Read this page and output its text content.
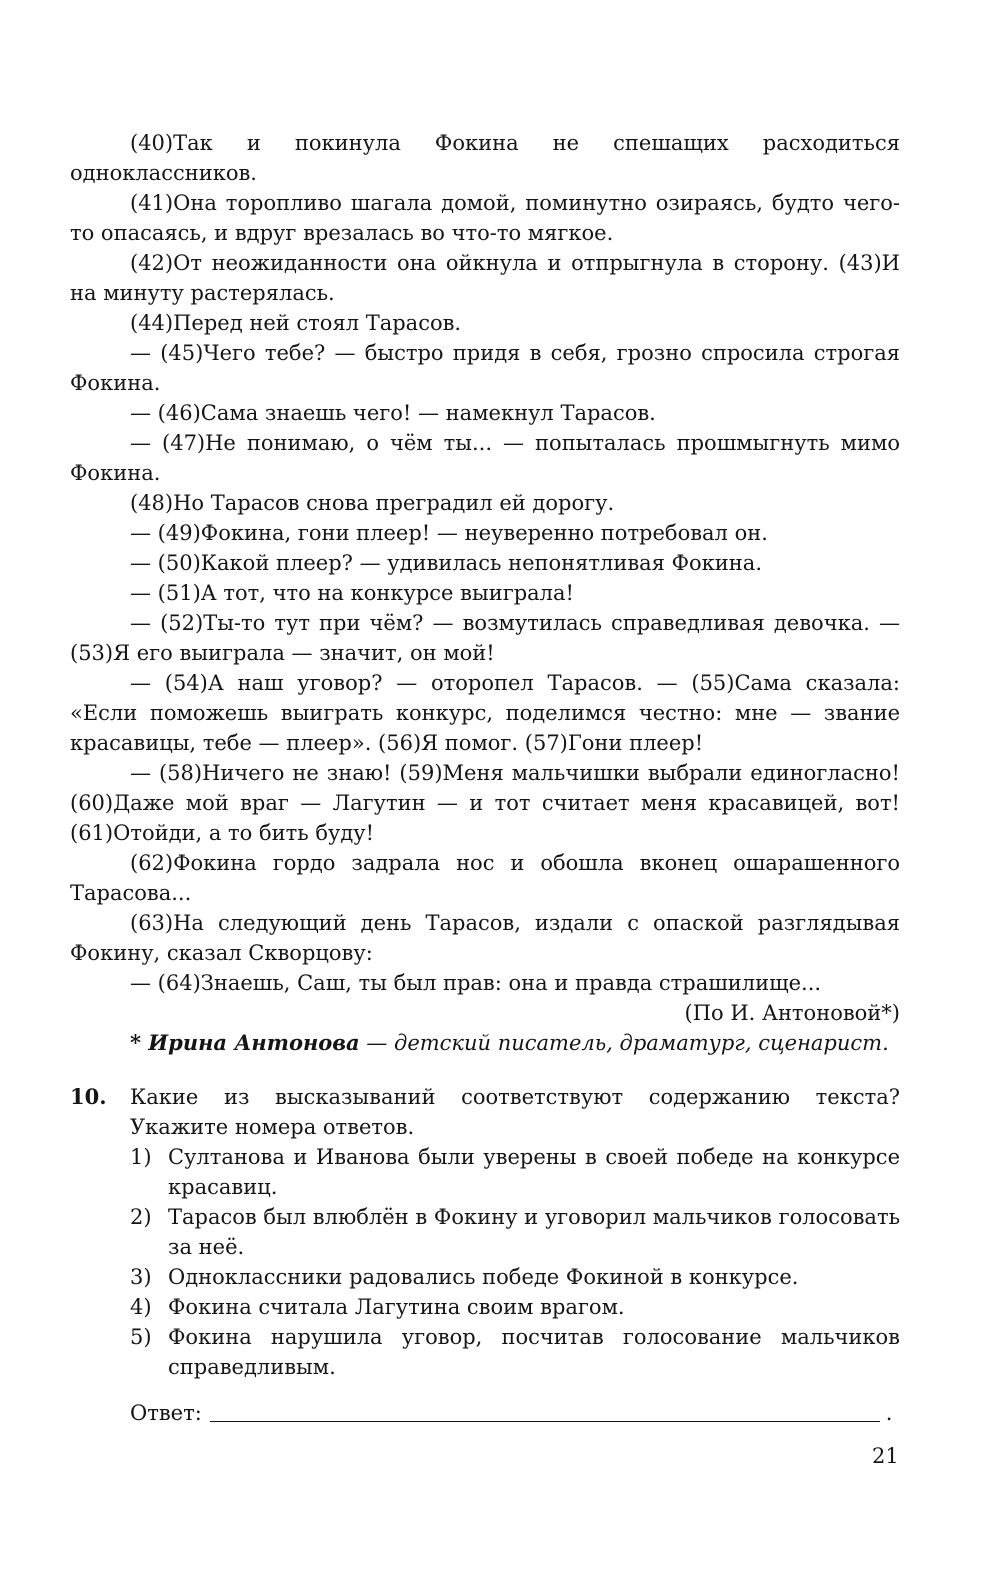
(40)Так и покинула Фокина не спешащих расходиться одноклассников.

(41)Она торопливо шагала домой, поминутно озираясь, будто чего-то опасаясь, и вдруг врезалась во что-то мягкое.

(42)От неожиданности она ойкнула и отпрыгнула в сторону. (43)И на минуту растерялась.

(44)Перед ней стоял Тарасов.

— (45)Чего тебе? — быстро придя в себя, грозно спросила строгая Фокина.

— (46)Сама знаешь чего! — намекнул Тарасов.

— (47)Не понимаю, о чём ты... — попыталась прошмыгнуть мимо Фокина.

(48)Но Тарасов снова преградил ей дорогу.

— (49)Фокина, гони плеер! — неуверенно потребовал он.

— (50)Какой плеер? — удивилась непонятливая Фокина.

— (51)А тот, что на конкурсе выиграла!

— (52)Ты-то тут при чём? — возмутилась справедливая девочка. — (53)Я его выиграла — значит, он мой!

— (54)А наш уговор? — оторопел Тарасов. — (55)Сама сказала: «Если поможешь выиграть конкурс, поделимся честно: мне — звание красавицы, тебе — плеер». (56)Я помог. (57)Гони плеер!

— (58)Ничего не знаю! (59)Меня мальчишки выбрали единогласно! (60)Даже мой враг — Лагутин — и тот считает меня красавицей, вот! (61)Отойди, а то бить буду!

(62)Фокина гордо задрала нос и обошла вконец ошарашенного Тарасова...

(63)На следующий день Тарасов, издали с опаской разглядывая Фокину, сказал Скворцову:

— (64)Знаешь, Саш, ты был прав: она и правда страшилище...

(По И. Антоновой*)

* Ирина Антонова — детский писатель, драматург, сценарист.

10. Какие из высказываний соответствуют содержанию текста? Укажите номера ответов.

1) Султанова и Иванова были уверены в своей победе на конкурсе красавиц.
2) Тарасов был влюблён в Фокину и уговорил мальчиков голосовать за неё.
3) Одноклассники радовались победе Фокиной в конкурсе.
4) Фокина считала Лагутина своим врагом.
5) Фокина нарушила уговор, посчитав голосование мальчиков справедливым.
Ответ:	.
21
